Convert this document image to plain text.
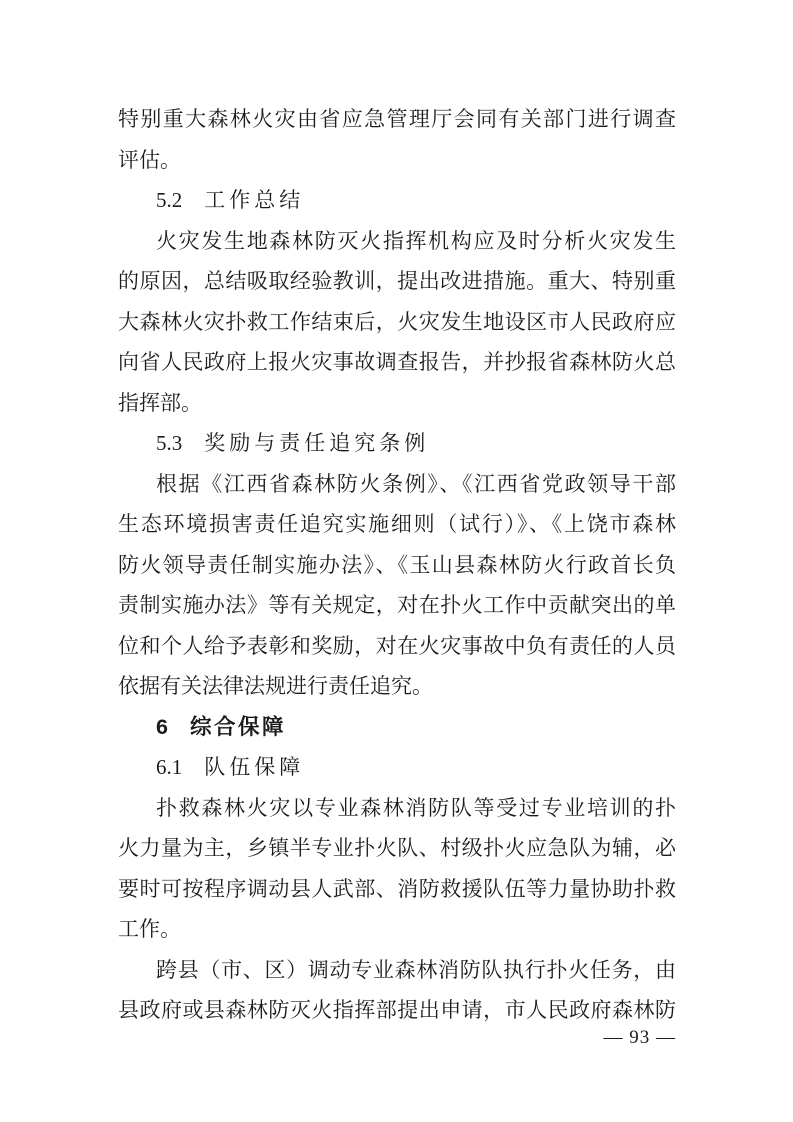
特别重大森林火灾由省应急管理厅会同有关部门进行调查
评估。
5.2 工作总结
火灾发生地森林防灭火指挥机构应及时分析火灾发生
的原因，总结吸取经验教训，提出改进措施。重大、特别重
大森林火灾扑救工作结束后，火灾发生地设区市人民政府应
向省人民政府上报火灾事故调查报告，并抄报省森林防火总
指挥部。
5.3 奖励与责任追究条例
根据《江西省森林防火条例》、《江西省党政领导干部
生态环境损害责任追究实施细则（试行）》、《上饶市森林
防火领导责任制实施办法》、《玉山县森林防火行政首长负
责制实施办法》等有关规定，对在扑火工作中贡献突出的单
位和个人给予表彰和奖励，对在火灾事故中负有责任的人员
依据有关法律法规进行责任追究。
6 综合保障
6.1 队伍保障
扑救森林火灾以专业森林消防队等受过专业培训的扑
火力量为主，乡镇半专业扑火队、村级扑火应急队为辅，必
要时可按程序调动县人武部、消防救援队伍等力量协助扑救
工作。
跨县（市、区）调动专业森林消防队执行扑火任务，由
县政府或县森林防灭火指挥部提出申请，市人民政府森林防
— 93 —
